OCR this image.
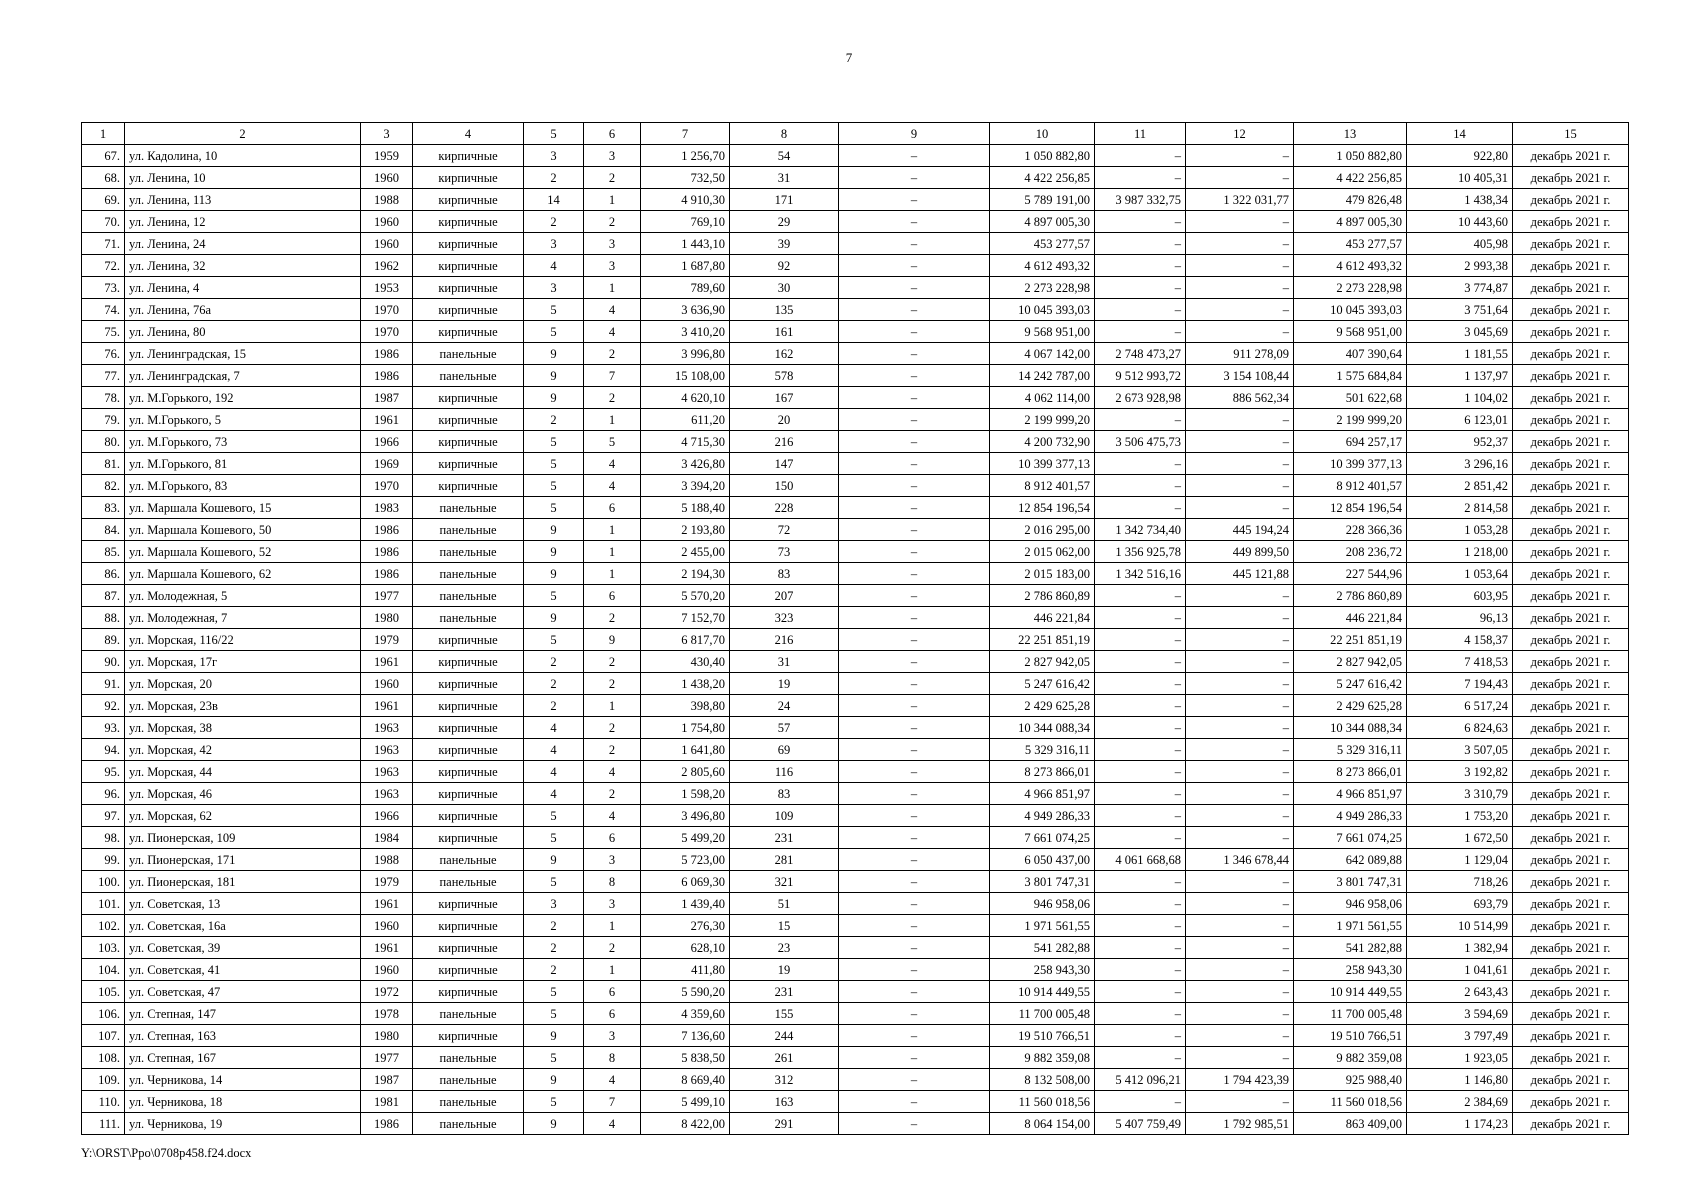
7
1	2	3	4	5	6	7	8	9	10	11	12	13	14	15
67.	ул. Кадолина, 10	1959	кирпичные	3	3	1 256,70	54	–	1 050 882,80	–	–	1 050 882,80	922,80	декабрь 2021 г.
68.	ул. Ленина, 10	1960	кирпичные	2	2	732,50	31	–	4 422 256,85	–	–	4 422 256,85	10 405,31	декабрь 2021 г.
69.	ул. Ленина, 113	1988	кирпичные	14	1	4 910,30	171	–	5 789 191,00	3 987 332,75	1 322 031,77	479 826,48	1 438,34	декабрь 2021 г.
70.	ул. Ленина, 12	1960	кирпичные	2	2	769,10	29	–	4 897 005,30	–	–	4 897 005,30	10 443,60	декабрь 2021 г.
71.	ул. Ленина, 24	1960	кирпичные	3	3	1 443,10	39	–	453 277,57	–	–	453 277,57	405,98	декабрь 2021 г.
72.	ул. Ленина, 32	1962	кирпичные	4	3	1 687,80	92	–	4 612 493,32	–	–	4 612 493,32	2 993,38	декабрь 2021 г.
73.	ул. Ленина, 4	1953	кирпичные	3	1	789,60	30	–	2 273 228,98	–	–	2 273 228,98	3 774,87	декабрь 2021 г.
74.	ул. Ленина, 76а	1970	кирпичные	5	4	3 636,90	135	–	10 045 393,03	–	–	10 045 393,03	3 751,64	декабрь 2021 г.
75.	ул. Ленина, 80	1970	кирпичные	5	4	3 410,20	161	–	9 568 951,00	–	–	9 568 951,00	3 045,69	декабрь 2021 г.
76.	ул. Ленинградская, 15	1986	панельные	9	2	3 996,80	162	–	4 067 142,00	2 748 473,27	911 278,09	407 390,64	1 181,55	декабрь 2021 г.
77.	ул. Ленинградская, 7	1986	панельные	9	7	15 108,00	578	–	14 242 787,00	9 512 993,72	3 154 108,44	1 575 684,84	1 137,97	декабрь 2021 г.
78.	ул. М.Горького, 192	1987	кирпичные	9	2	4 620,10	167	–	4 062 114,00	2 673 928,98	886 562,34	501 622,68	1 104,02	декабрь 2021 г.
79.	ул. М.Горького, 5	1961	кирпичные	2	1	611,20	20	–	2 199 999,20	–	–	2 199 999,20	6 123,01	декабрь 2021 г.
80.	ул. М.Горького, 73	1966	кирпичные	5	5	4 715,30	216	–	4 200 732,90	3 506 475,73	–	694 257,17	952,37	декабрь 2021 г.
81.	ул. М.Горького, 81	1969	кирпичные	5	4	3 426,80	147	–	10 399 377,13	–	–	10 399 377,13	3 296,16	декабрь 2021 г.
82.	ул. М.Горького, 83	1970	кирпичные	5	4	3 394,20	150	–	8 912 401,57	–	–	8 912 401,57	2 851,42	декабрь 2021 г.
83.	ул. Маршала Кошевого, 15	1983	панельные	5	6	5 188,40	228	–	12 854 196,54	–	–	12 854 196,54	2 814,58	декабрь 2021 г.
84.	ул. Маршала Кошевого, 50	1986	панельные	9	1	2 193,80	72	–	2 016 295,00	1 342 734,40	445 194,24	228 366,36	1 053,28	декабрь 2021 г.
85.	ул. Маршала Кошевого, 52	1986	панельные	9	1	2 455,00	73	–	2 015 062,00	1 356 925,78	449 899,50	208 236,72	1 218,00	декабрь 2021 г.
86.	ул. Маршала Кошевого, 62	1986	панельные	9	1	2 194,30	83	–	2 015 183,00	1 342 516,16	445 121,88	227 544,96	1 053,64	декабрь 2021 г.
87.	ул. Молодежная, 5	1977	панельные	5	6	5 570,20	207	–	2 786 860,89	–	–	2 786 860,89	603,95	декабрь 2021 г.
88.	ул. Молодежная, 7	1980	панельные	9	2	7 152,70	323	–	446 221,84	–	–	446 221,84	96,13	декабрь 2021 г.
89.	ул. Морская, 116/22	1979	кирпичные	5	9	6 817,70	216	–	22 251 851,19	–	–	22 251 851,19	4 158,37	декабрь 2021 г.
90.	ул. Морская, 17г	1961	кирпичные	2	2	430,40	31	–	2 827 942,05	–	–	2 827 942,05	7 418,53	декабрь 2021 г.
91.	ул. Морская, 20	1960	кирпичные	2	2	1 438,20	19	–	5 247 616,42	–	–	5 247 616,42	7 194,43	декабрь 2021 г.
92.	ул. Морская, 23в	1961	кирпичные	2	1	398,80	24	–	2 429 625,28	–	–	2 429 625,28	6 517,24	декабрь 2021 г.
93.	ул. Морская, 38	1963	кирпичные	4	2	1 754,80	57	–	10 344 088,34	–	–	10 344 088,34	6 824,63	декабрь 2021 г.
94.	ул. Морская, 42	1963	кирпичные	4	2	1 641,80	69	–	5 329 316,11	–	–	5 329 316,11	3 507,05	декабрь 2021 г.
95.	ул. Морская, 44	1963	кирпичные	4	4	2 805,60	116	–	8 273 866,01	–	–	8 273 866,01	3 192,82	декабрь 2021 г.
96.	ул. Морская, 46	1963	кирпичные	4	2	1 598,20	83	–	4 966 851,97	–	–	4 966 851,97	3 310,79	декабрь 2021 г.
97.	ул. Морская, 62	1966	кирпичные	5	4	3 496,80	109	–	4 949 286,33	–	–	4 949 286,33	1 753,20	декабрь 2021 г.
98.	ул. Пионерская, 109	1984	кирпичные	5	6	5 499,20	231	–	7 661 074,25	–	–	7 661 074,25	1 672,50	декабрь 2021 г.
99.	ул. Пионерская, 171	1988	панельные	9	3	5 723,00	281	–	6 050 437,00	4 061 668,68	1 346 678,44	642 089,88	1 129,04	декабрь 2021 г.
100.	ул. Пионерская, 181	1979	панельные	5	8	6 069,30	321	–	3 801 747,31	–	–	3 801 747,31	718,26	декабрь 2021 г.
101.	ул. Советская, 13	1961	кирпичные	3	3	1 439,40	51	–	946 958,06	–	–	946 958,06	693,79	декабрь 2021 г.
102.	ул. Советская, 16а	1960	кирпичные	2	1	276,30	15	–	1 971 561,55	–	–	1 971 561,55	10 514,99	декабрь 2021 г.
103.	ул. Советская, 39	1961	кирпичные	2	2	628,10	23	–	541 282,88	–	–	541 282,88	1 382,94	декабрь 2021 г.
104.	ул. Советская, 41	1960	кирпичные	2	1	411,80	19	–	258 943,30	–	–	258 943,30	1 041,61	декабрь 2021 г.
105.	ул. Советская, 47	1972	кирпичные	5	6	5 590,20	231	–	10 914 449,55	–	–	10 914 449,55	2 643,43	декабрь 2021 г.
106.	ул. Степная, 147	1978	панельные	5	6	4 359,60	155	–	11 700 005,48	–	–	11 700 005,48	3 594,69	декабрь 2021 г.
107.	ул. Степная, 163	1980	кирпичные	9	3	7 136,60	244	–	19 510 766,51	–	–	19 510 766,51	3 797,49	декабрь 2021 г.
108.	ул. Степная, 167	1977	панельные	5	8	5 838,50	261	–	9 882 359,08	–	–	9 882 359,08	1 923,05	декабрь 2021 г.
109.	ул. Черникова, 14	1987	панельные	9	4	8 669,40	312	–	8 132 508,00	5 412 096,21	1 794 423,39	925 988,40	1 146,80	декабрь 2021 г.
110.	ул. Черникова, 18	1981	панельные	5	7	5 499,10	163	–	11 560 018,56	–	–	11 560 018,56	2 384,69	декабрь 2021 г.
111.	ул. Черникова, 19	1986	панельные	9	4	8 422,00	291	–	8 064 154,00	5 407 759,49	1 792 985,51	863 409,00	1 174,23	декабрь 2021 г.
Y:\ORST\Ppo\0708p458.f24.docx
